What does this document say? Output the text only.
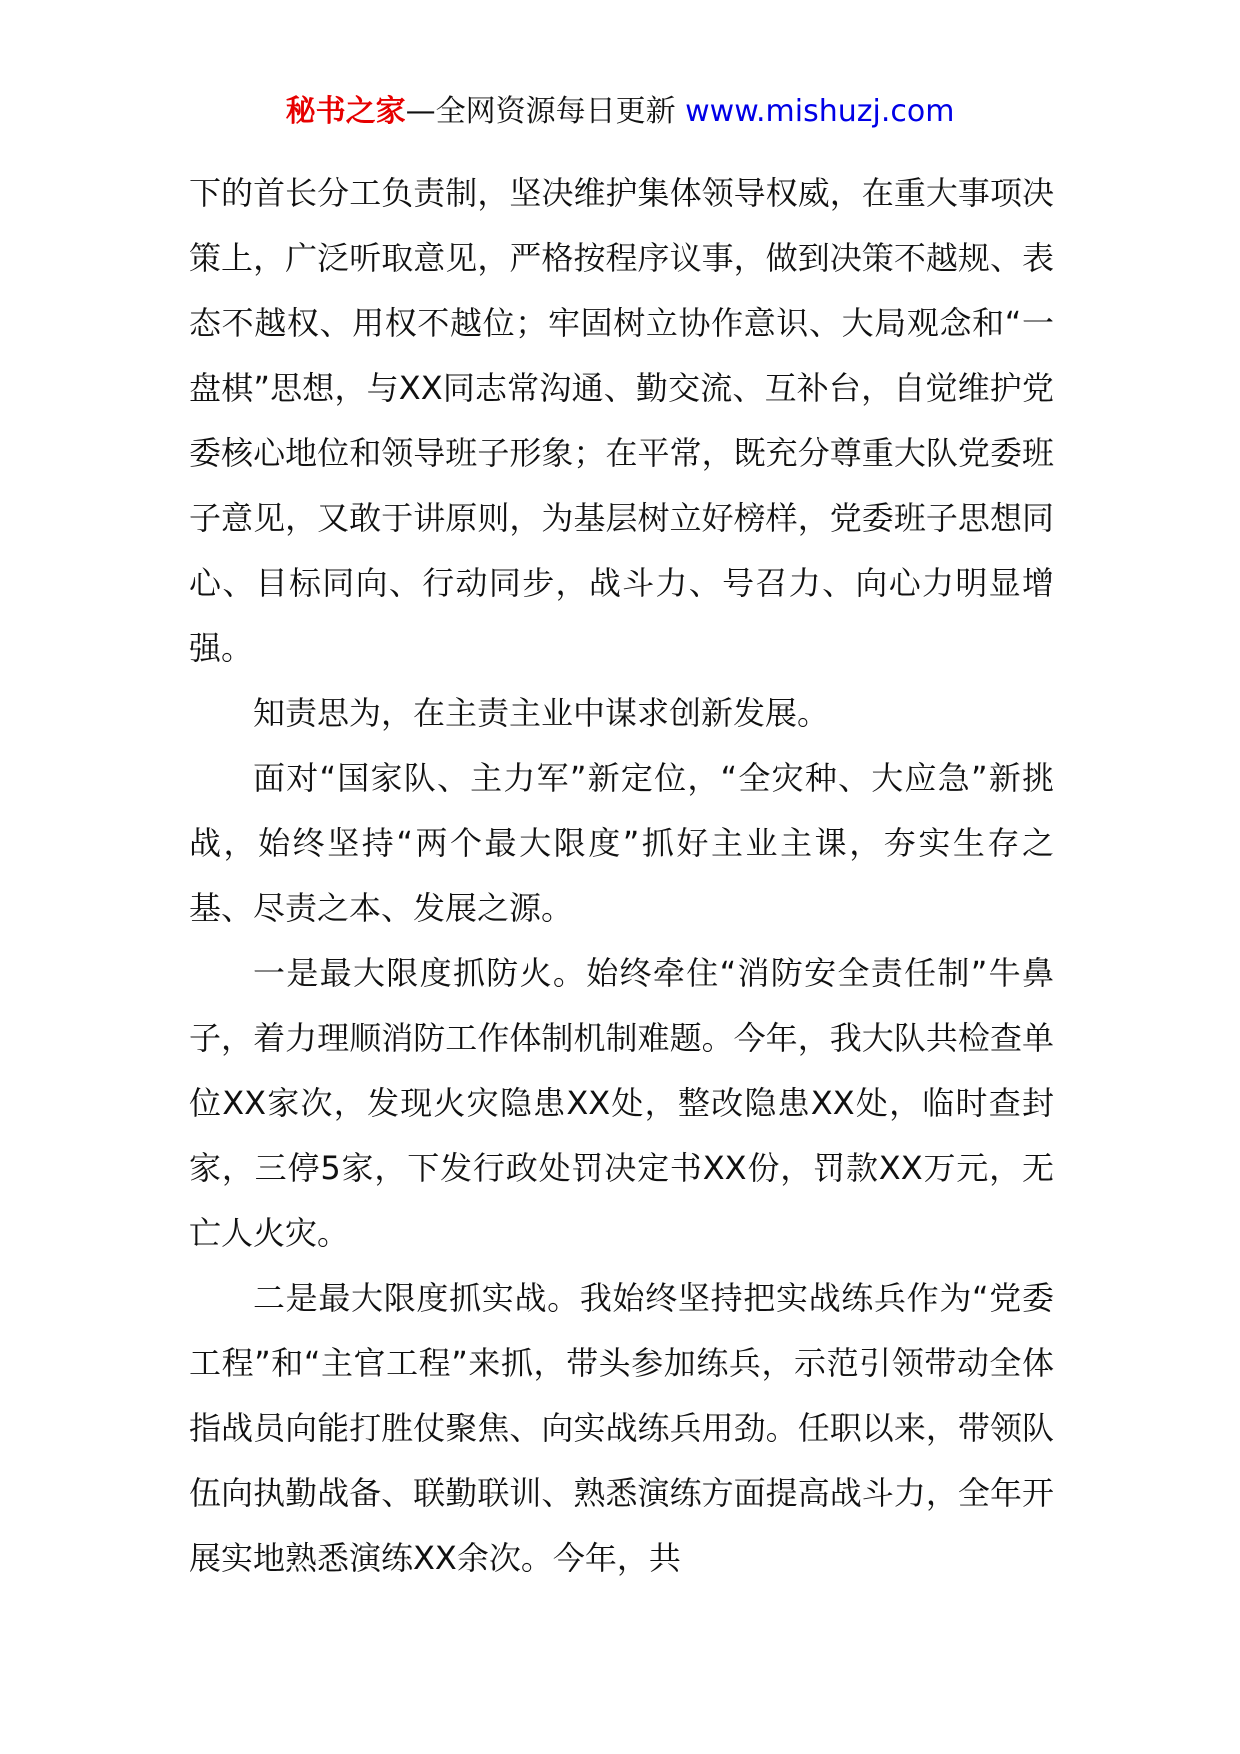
秘书之家—全网资源每日更新 www.mishuzj.com

下的首长分工负责制，坚决维护集体领导权威，在重大事项决策上，广泛听取意见，严格按程序议事，做到决策不越规、表态不越权、用权不越位；牢固树立协作意识、大局观念和“一盘棋”思想，与XX同志常沟通、勤交流、互补台，自觉维护党委核心地位和领导班子形象；在平常，既充分尊重大队党委班子意见，又敢于讲原则，为基层树立好榜样，党委班子思想同心、目标同向、行动同步，战斗力、号召力、向心力明显增强。

知责思为，在主责主业中谋求创新发展。

面对“国家队、主力军”新定位，“全灾种、大应急”新挑战，始终坚持“两个最大限度”抓好主业主课，夯实生存之基、尽责之本、发展之源。

一是最大限度抓防火。始终牵住“消防安全责任制”牛鼻子，着力理顺消防工作体制机制难题。今年，我大队共检查单位XX家次，发现火灾隐患XX处，整改隐患XX处，临时查封家，三停5家，下发行政处罚决定书XX份，罚款XX万元，无亡人火灾。

二是最大限度抓实战。我始终坚持把实战练兵作为“党委工程”和“主官工程”来抓，带头参加练兵，示范引领带动全体指战员向能打胜仗聚焦、向实战练兵用劲。任职以来，带领队伍向执勤战备、联勤联训、熟悉演练方面提高战斗力，全年开展实地熟悉演练XX余次。今年，共
